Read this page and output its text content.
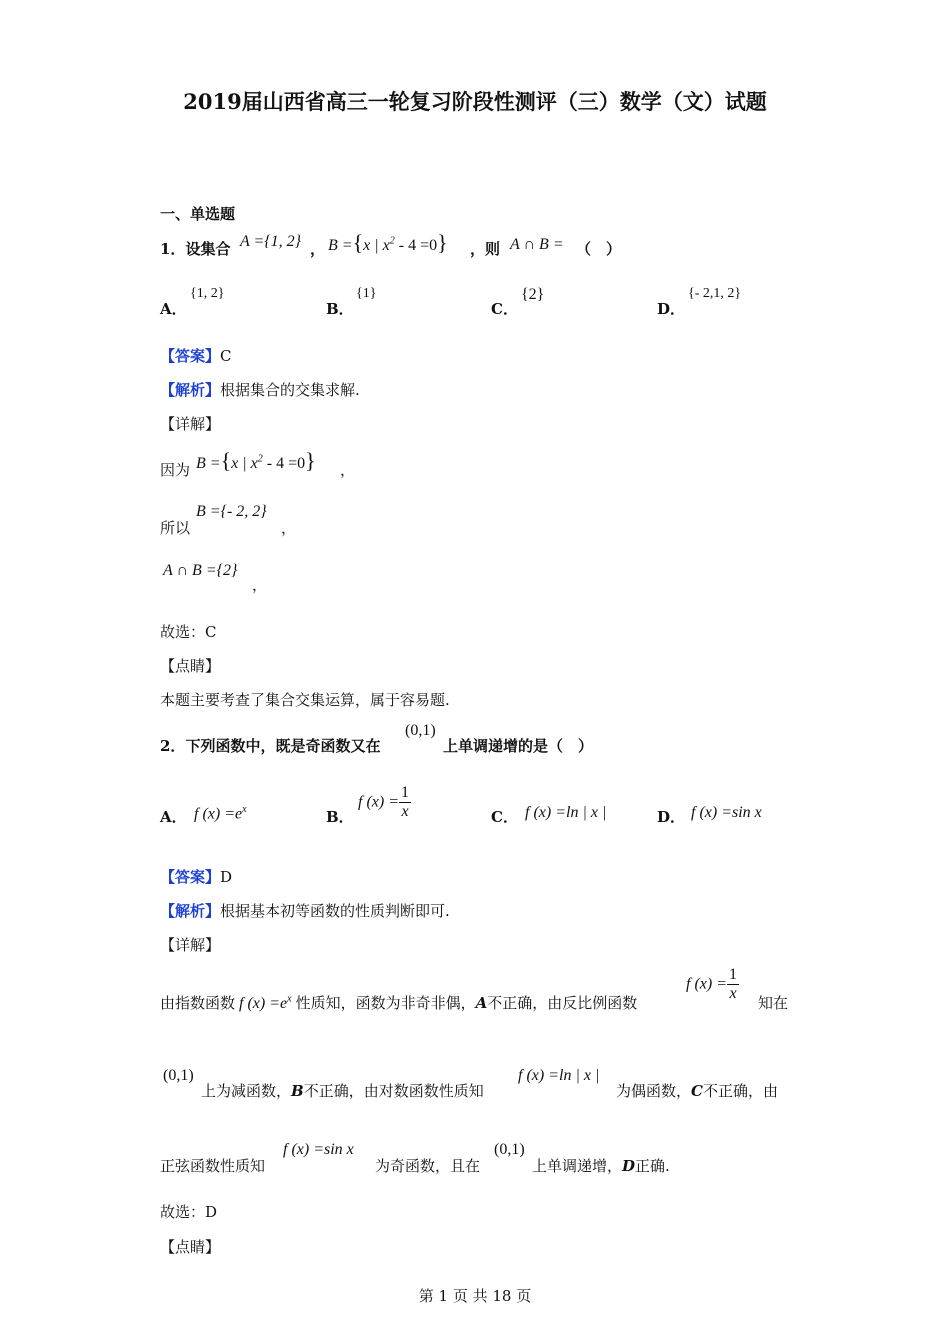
2019届山西省高三一轮复习阶段性测评（三）数学（文）试题
一、单选题
1．设集合 A ={1, 2} ， B ={x | $x^2 - 4 =0$} ，则 A ∩ B = （　）
A．
{1, 2}
B．
{1}
C．
{2}
D．
{- 2,1, 2}
【答案】C
【解析】根据集合的交集求解.
【详解】
因为 B ={x | $x^2 - 4 =0$} ，
所以
B ={- 2, 2}
，
A ∩ B ={2}
，
故选：C
【点睛】
本题主要考查了集合交集运算，属于容易题.
2．下列函数中，既是奇函数又在
(0,1)
上单调递增的是（　）
A． f $(x) =e^x$	B．
f $(x) = \frac{1}{x}$	C． f (x) =ln | x |	D． f (x) =sin x
【答案】D
【解析】根据基本初等函数的性质判断即可.
【详解】
由指数函数 f $(x) =e^x$ 性质知，函数为非奇非偶，A不正确，由反比例函数
f $(x) = \frac{1}{x}$ 知在
(0,1)
上为减函数，B不正确，由对数函数性质知
f (x) =ln | x |
为偶函数，C不正确，由
正弦函数性质知
f (x) =sin x
为奇函数，且在
(0,1)
上单调递增，D正确.
故选：D
【点睛】
第 1 页 共 18 页
